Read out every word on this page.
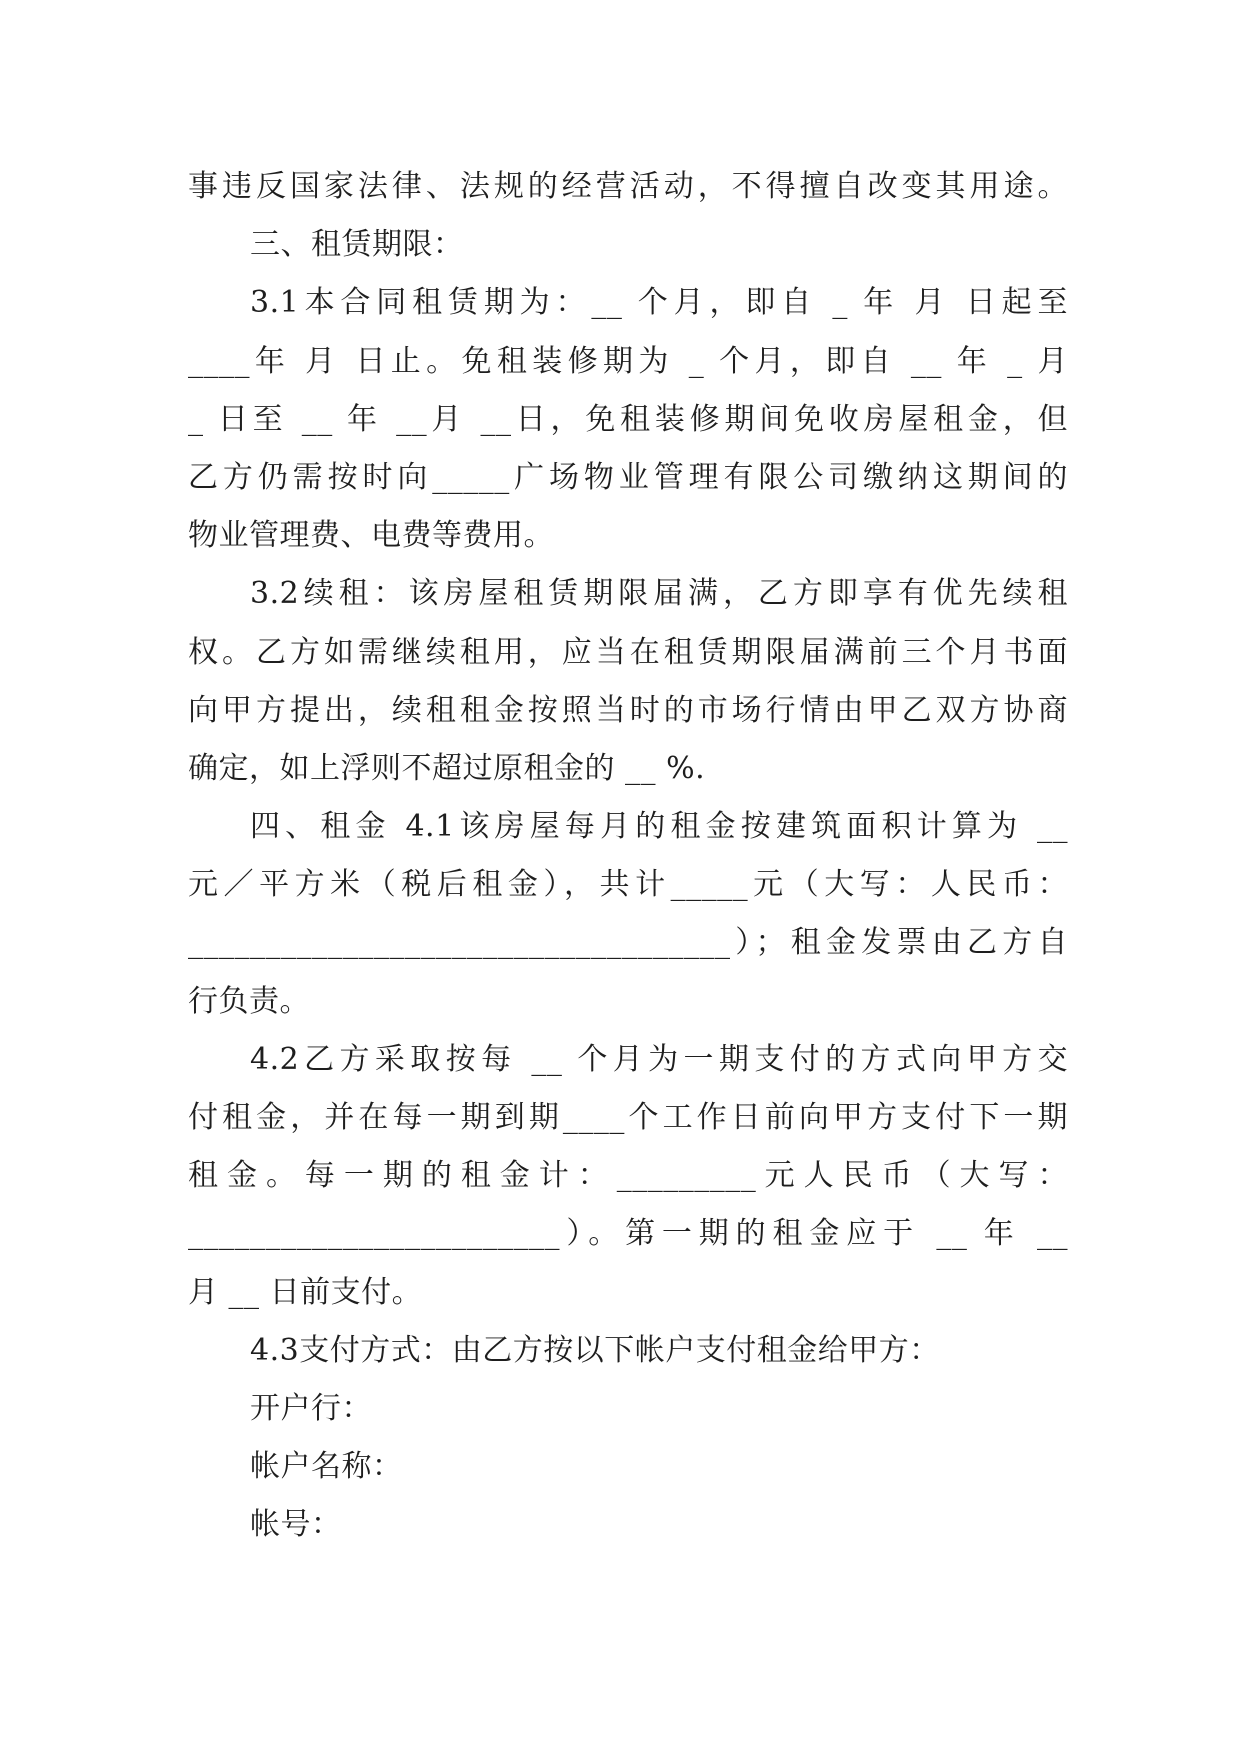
事违反国家法律、法规的经营活动，不得擅自改变其用途。
三、租赁期限：
3.1本合同租赁期为：__ 个月，即自 _ 年 月 日起至
____年 月 日止。免租装修期为 _ 个月，即自 __ 年 _ 月
_ 日至 __ 年 __月 __日，免租装修期间免收房屋租金，但
乙方仍需按时向_____广场物业管理有限公司缴纳这期间的
物业管理费、电费等费用。
3.2续租：该房屋租赁期限届满，乙方即享有优先续租
权。乙方如需继续租用，应当在租赁期限届满前三个月书面
向甲方提出，续租租金按照当时的市场行情由甲乙双方协商
确定，如上浮则不超过原租金的 __ %.
四、租金 4.1该房屋每月的租金按建筑面积计算为 __
元／平方米（税后租金），共计_____元（大写：人民币：
___________________________________）；租金发票由乙方自
行负责。
4.2乙方采取按每 __ 个月为一期支付的方式向甲方交
付租金，并在每一期到期____个工作日前向甲方支付下一期
租金。每一期的租金计：_________元人民币（大写：
________________________）。第一期的租金应于 __ 年 __
月 __ 日前支付。
4.3支付方式：由乙方按以下帐户支付租金给甲方：
开户行：
帐户名称：
帐号：
